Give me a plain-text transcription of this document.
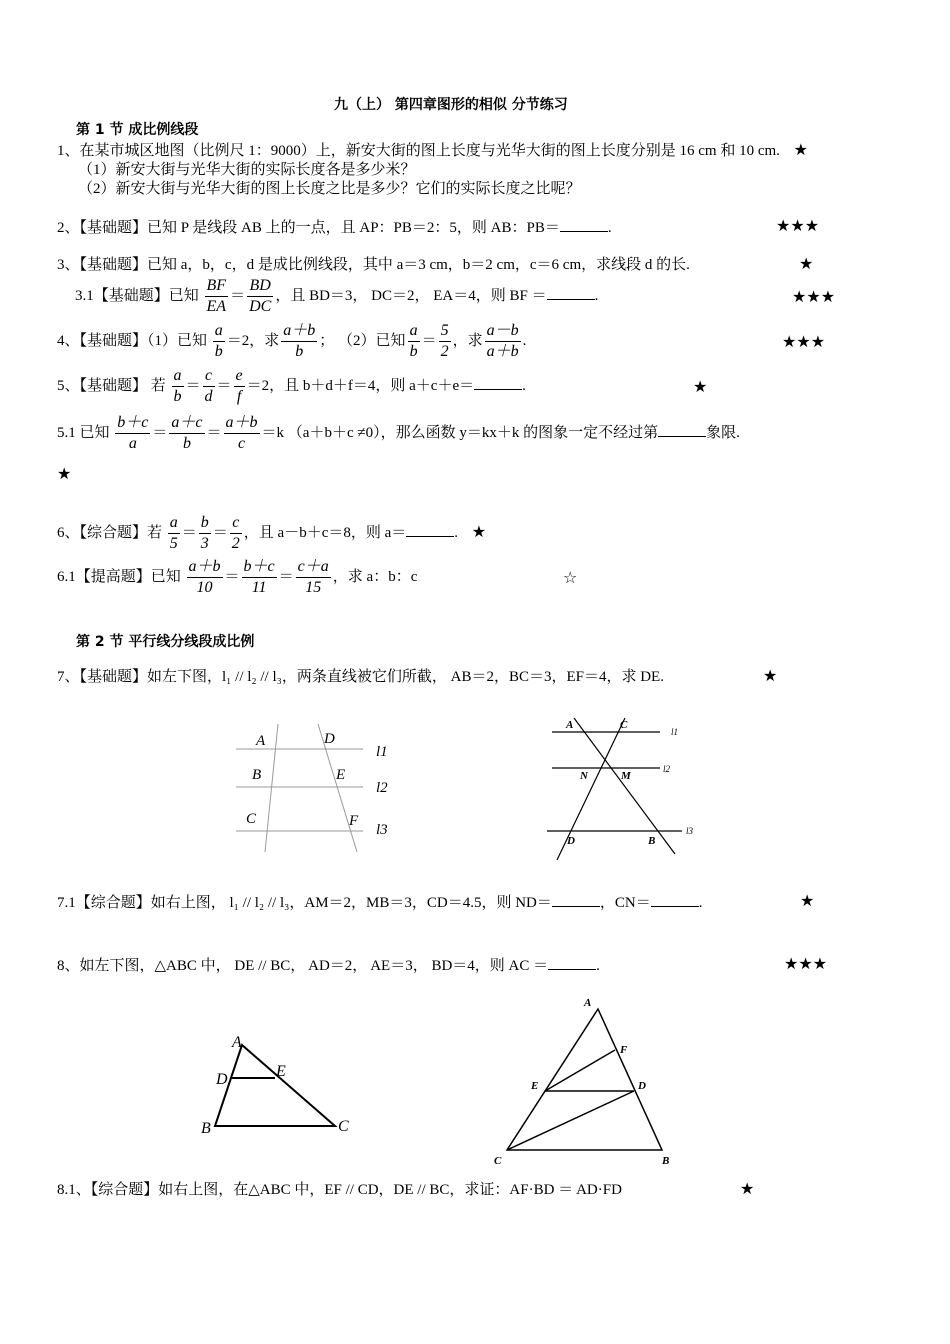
九（上） 第四章图形的相似 分节练习
第 1 节 成比例线段
1、在某市城区地图（比例尺 1：9000）上，新安大街的图上长度与光华大街的图上长度分别是 16 cm 和 10 cm. ★
（1）新安大街与光华大街的实际长度各是多少米？
（2）新安大街与光华大街的图上长度之比是多少？它们的实际长度之比呢？
2、【基础题】已知 P 是线段 AB 上的一点，且 AP：PB＝2：5，则 AB：PB＝	.	★★★
3、【基础题】已知 a，b，c，d 是成比例线段，其中 a＝3 cm，b＝2 cm，c＝6 cm，求线段 d 的长.	★
3.1【基础题】已知 $\frac{BF}{EA} = \frac{BD}{DC}$ ，且 BD＝3， DC＝2， EA＝4，则 BF ＝	.	★★★
4、【基础题】（1）已知 $\frac{a}{b} =2$，求 $\frac{a+b}{b}$ ； （2）已知 $\frac{a}{b} = \frac{5}{2}$ ，求 $\frac{a-b}{a+b}$ .	★★★
5、【基础题】 若 $\frac{a}{b} = \frac{c}{d} = \frac{e}{f} =2$，且 b＋d＋f＝4，则 a＋c＋e＝	.	★
5.1 已知 $\frac{b+c}{a} = \frac{a+c}{b} = \frac{a+b}{c} =k$ （a＋b＋c ≠0），那么函数 y＝kx＋k 的图象一定不经过第	象限.
★
6、【综合题】若 $\frac{a}{5} = \frac{b}{3} = \frac{c}{2}$ ，且 a－b＋c＝8，则 a＝	. ★
6.1【提高题】已知 $\frac{a+b}{10} = \frac{b+c}{11} = \frac{c+a}{15}$ ，求 a：b：c	☆
第 2 节 平行线分线段成比例
7、【基础题】如左下图，l₁ // l₂ // l₃，两条直线被它们所截， AB＝2，BC＝3，EF＝4，求 DE.	★
A	D
B	E
C	F
l1
l2
l3
A	C
N	M
D	B
l1
l2
l3
7.1【综合题】如右上图， l₁ // l₂ // l₃，AM＝2，MB＝3，CD＝4.5，则 ND＝	，CN＝	.	★
8、如左下图，△ABC 中， DE // BC， AD＝2， AE＝3， BD＝4，则 AC ＝	.	★★★
A
D	E
B	C
A
F
E	D
C	B
8.1、【综合题】如右上图，在△ABC 中，EF // CD，DE // BC，求证：AF·BD ＝ AD·FD	★
